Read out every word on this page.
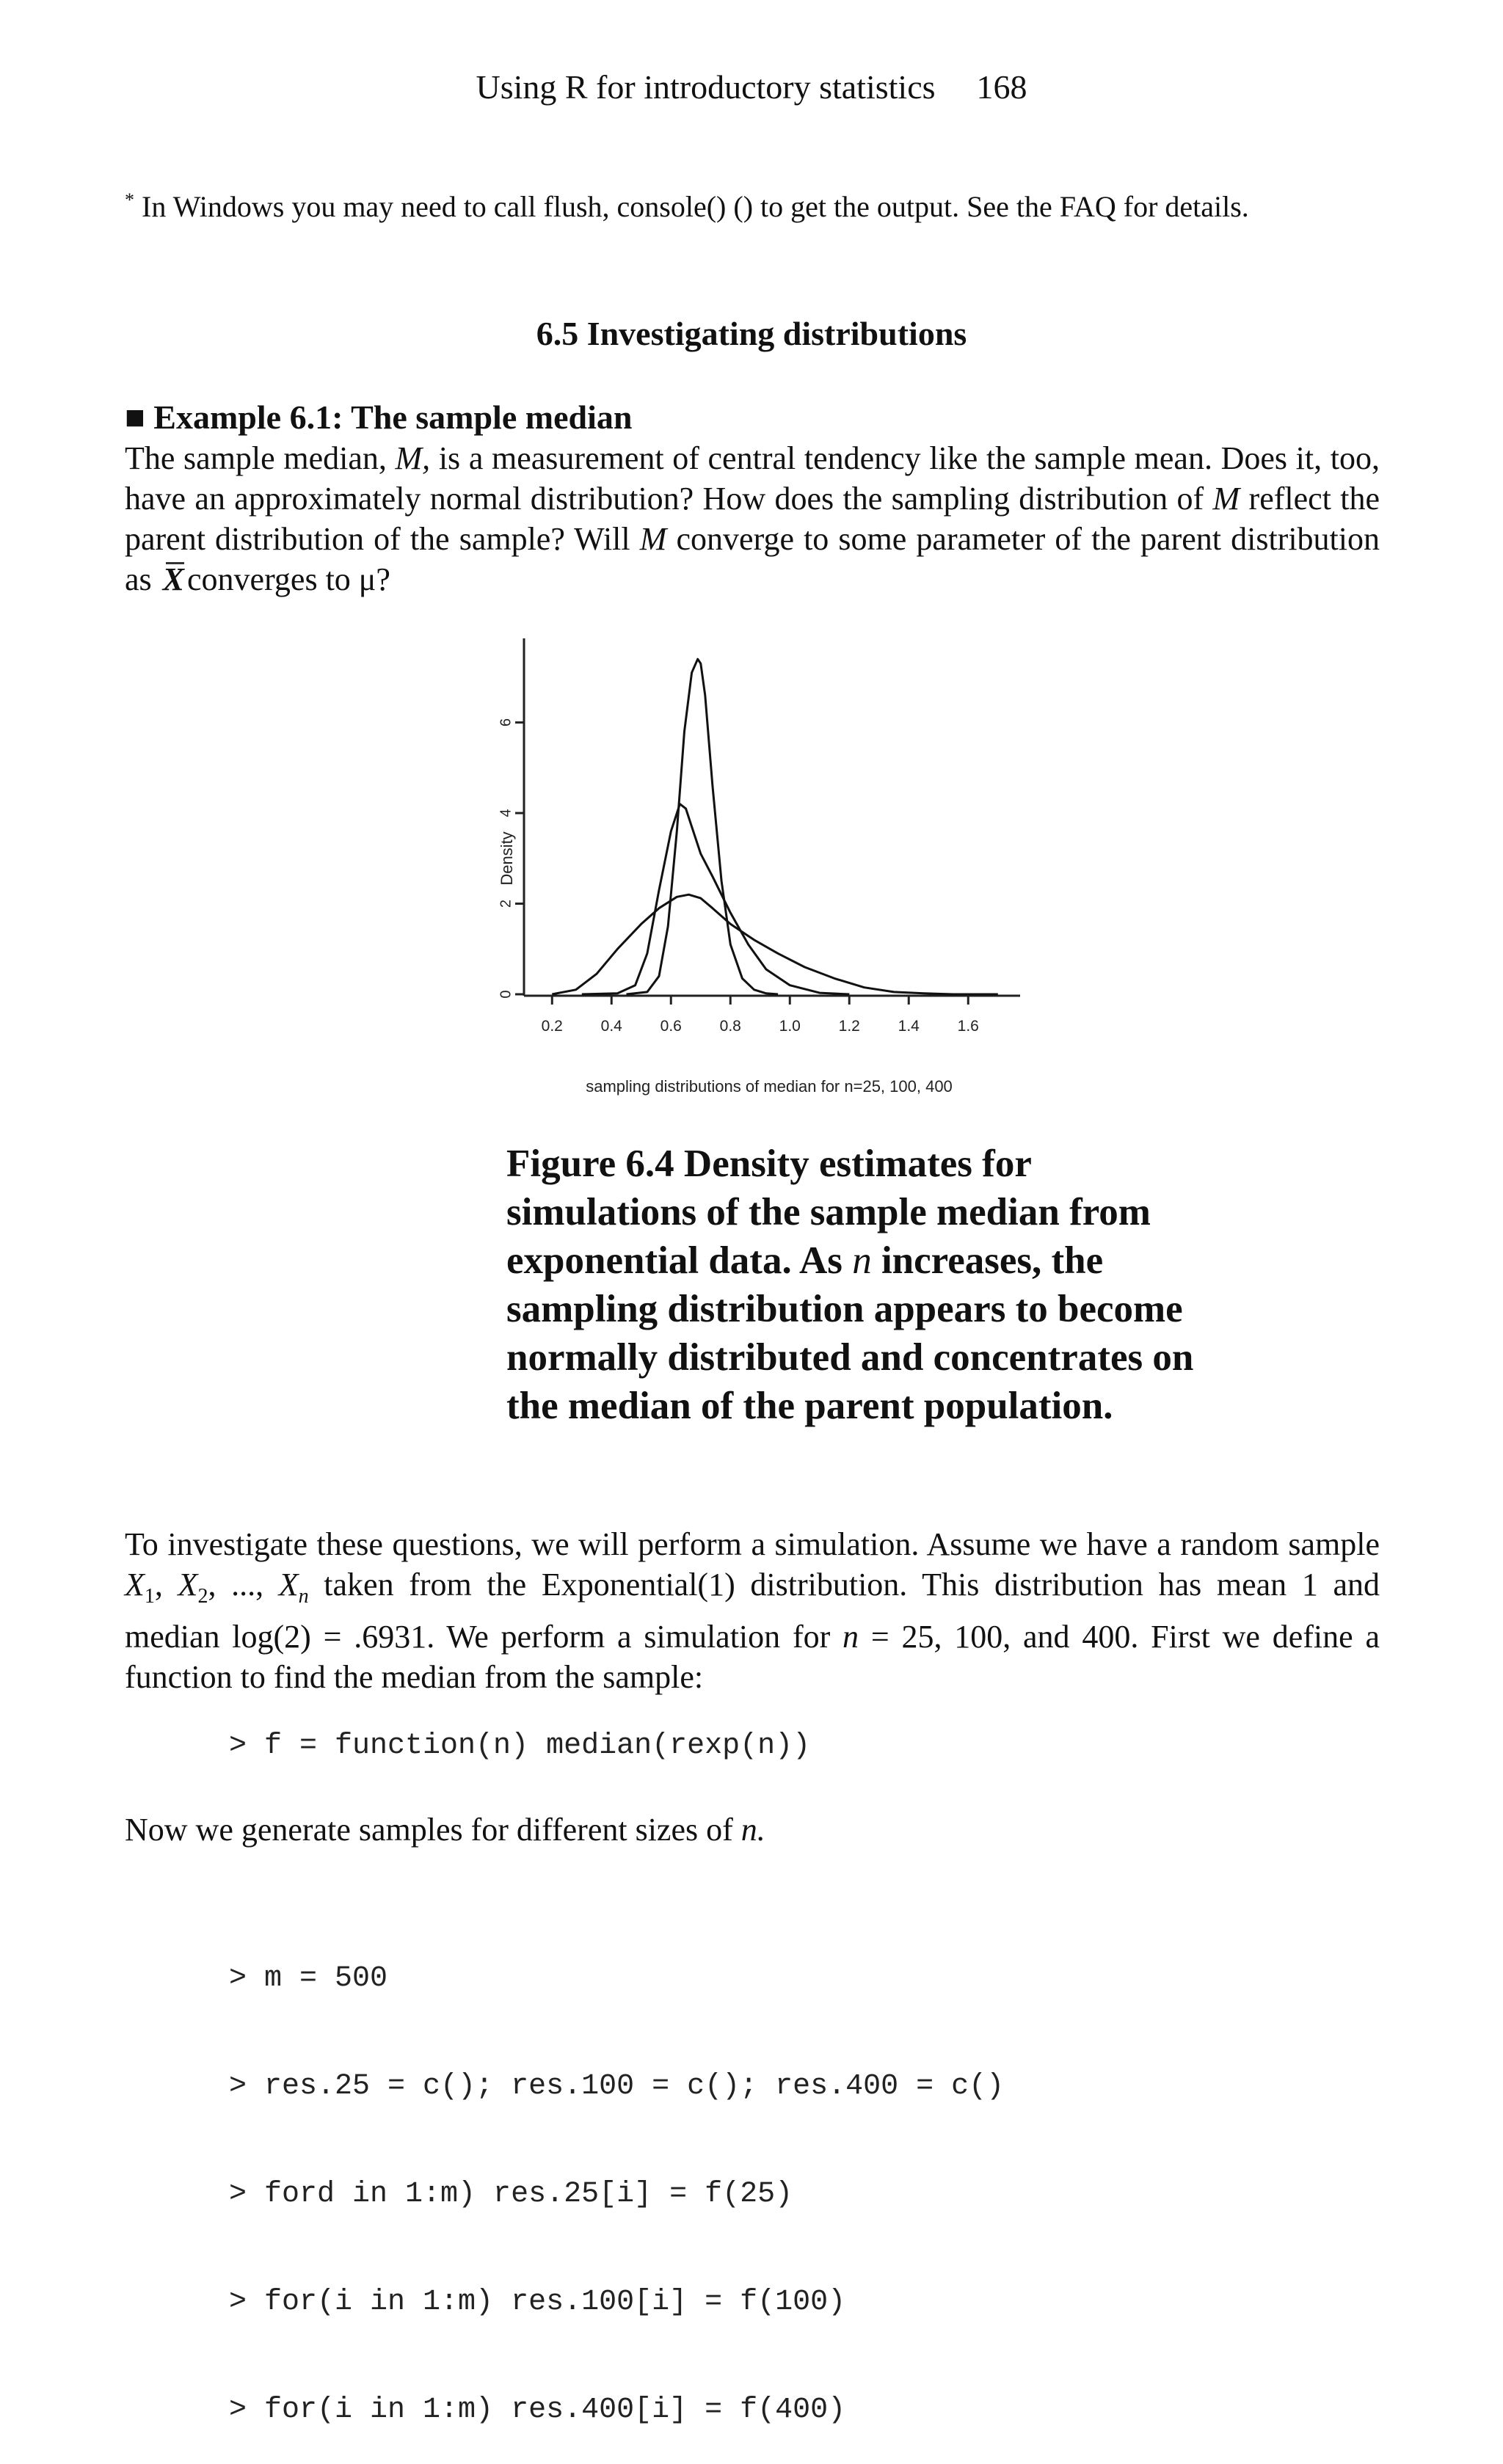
Using R for introductory statistics 168
* In Windows you may need to call flush, console() () to get the output. See the FAQ for details.
6.5 Investigating distributions
■ Example 6.1: The sample median
The sample median, M, is a measurement of central tendency like the sample mean. Does it, too, have an approximately normal distribution? How does the sampling distribution of M reflect the parent distribution of the sample? Will M converge to some parameter of the parent distribution as Xconverges to μ?
0
2
4
6
0.2 0.4 0.6 0.8 1.0 1.2 1.4 1.6
Density
sampling distributions of median for n=25, 100, 400
Figure 6.4 Density estimates for simulations of the sample median from exponential data. As n increases, the sampling distribution appears to become normally distributed and concentrates on the median of the parent population.
To investigate these questions, we will perform a simulation. Assume we have a random sample $X_1$, $X_2$, ..., $X_n$ taken from the Exponential(1) distribution. This distribution has mean 1 and median log(2) = .6931. We perform a simulation for n = 25, 100, and 400. First we define a function to find the median from the sample:
> f = function(n) median(rexp(n))
Now we generate samples for different sizes of n.

> m = 500

> res.25 = c(); res.100 = c(); res.400 = c()

> ford in 1:m) res.25[i] = f(25)

> for(i in 1:m) res.100[i] = f(100)

> for(i in 1:m) res.400[i] = f(400)
